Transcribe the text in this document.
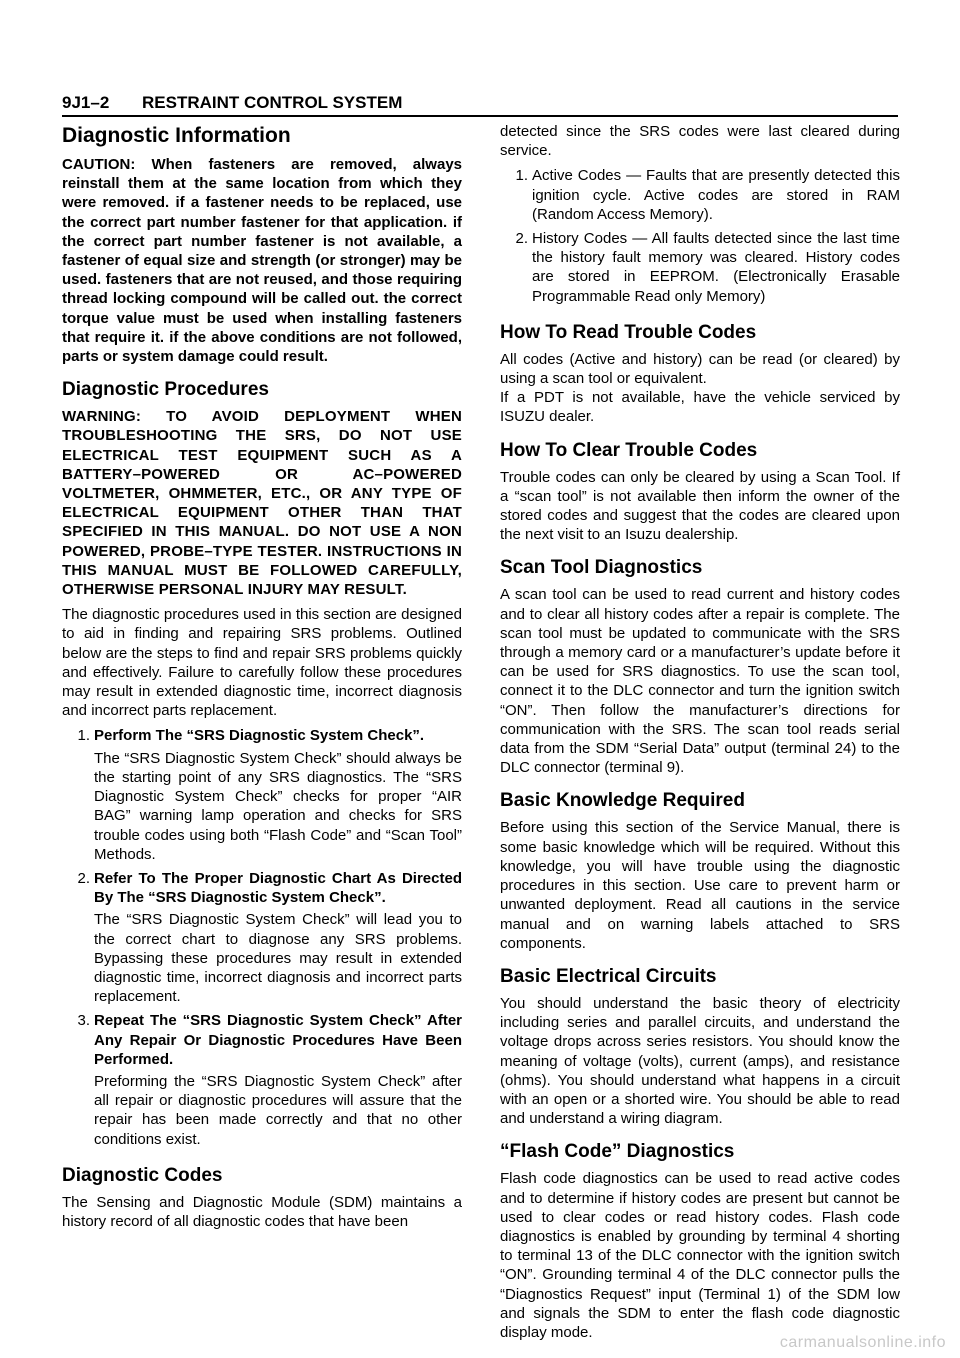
9J1–2 RESTRAINT CONTROL SYSTEM
Diagnostic Information

CAUTION: When fasteners are removed, always reinstall them at the same location from which they were removed. if a fastener needs to be replaced, use the correct part number fastener for that application. if the correct part number fastener is not available, a fastener of equal size and strength (or stronger) may be used. fasteners that are not reused, and those requiring thread locking compound will be called out. the correct torque value must be used when installing fasteners that require it. if the above conditions are not followed, parts or system damage could result.

Diagnostic Procedures

WARNING: TO AVOID DEPLOYMENT WHEN TROUBLESHOOTING THE SRS, DO NOT USE ELECTRICAL TEST EQUIPMENT SUCH AS A BATTERY–POWERED OR AC–POWERED VOLTMETER, OHMMETER, ETC., OR ANY TYPE OF ELECTRICAL EQUIPMENT OTHER THAN THAT SPECIFIED IN THIS MANUAL. DO NOT USE A NON POWERED, PROBE–TYPE TESTER. INSTRUCTIONS IN THIS MANUAL MUST BE FOLLOWED CAREFULLY, OTHERWISE PERSONAL INJURY MAY RESULT.

The diagnostic procedures used in this section are designed to aid in finding and repairing SRS problems. Outlined below are the steps to find and repair SRS problems quickly and effectively. Failure to carefully follow these procedures may result in extended diagnostic time, incorrect diagnosis and incorrect parts replacement.

1. Perform The “SRS Diagnostic System Check”.

The “SRS Diagnostic System Check” should always be the starting point of any SRS diagnostics. The “SRS Diagnostic System Check” checks for proper “AIR BAG” warning lamp operation and checks for SRS trouble codes using both “Flash Code” and “Scan Tool” Methods.

2. Refer To The Proper Diagnostic Chart As Directed By The “SRS Diagnostic System Check”.

The “SRS Diagnostic System Check” will lead you to the correct chart to diagnose any SRS problems. Bypassing these procedures may result in extended diagnostic time, incorrect diagnosis and incorrect parts replacement.

3. Repeat The “SRS Diagnostic System Check” After Any Repair Or Diagnostic Procedures Have Been Performed.

Preforming the “SRS Diagnostic System Check” after all repair or diagnostic procedures will assure that the repair has been made correctly and that no other conditions exist.

Diagnostic Codes

The Sensing and Diagnostic Module (SDM) maintains a history record of all diagnostic codes that have been

detected since the SRS codes were last cleared during service.

1. Active Codes — Faults that are presently detected this ignition cycle. Active codes are stored in RAM (Random Access Memory).

2. History Codes — All faults detected since the last time the history fault memory was cleared. History codes are stored in EEPROM. (Electronically Erasable Programmable Read only Memory)

How To Read Trouble Codes

All codes (Active and history) can be read (or cleared) by using a scan tool or equivalent.

If a PDT is not available, have the vehicle serviced by ISUZU dealer.

How To Clear Trouble Codes

Trouble codes can only be cleared by using a Scan Tool. If a “scan tool” is not available then inform the owner of the stored codes and suggest that the codes are cleared upon the next visit to an Isuzu dealership.

Scan Tool Diagnostics

A scan tool can be used to read current and history codes and to clear all history codes after a repair is complete. The scan tool must be updated to communicate with the SRS through a memory card or a manufacturer’s update before it can be used for SRS diagnostics. To use the scan tool, connect it to the DLC connector and turn the ignition switch “ON”. Then follow the manufacturer’s directions for communication with the SRS. The scan tool reads serial data from the SDM “Serial Data” output (terminal 24) to the DLC connector (terminal 9).

Basic Knowledge Required

Before using this section of the Service Manual, there is some basic knowledge which will be required. Without this knowledge, you will have trouble using the diagnostic procedures in this section. Use care to prevent harm or unwanted deployment. Read all cautions in the service manual and on warning labels attached to SRS components.

Basic Electrical Circuits

You should understand the basic theory of electricity including series and parallel circuits, and understand the voltage drops across series resistors. You should know the meaning of voltage (volts), current (amps), and resistance (ohms). You should understand what happens in a circuit with an open or a shorted wire. You should be able to read and understand a wiring diagram.

“Flash Code” Diagnostics

Flash code diagnostics can be used to read active codes and to determine if history codes are present but cannot be used to clear codes or read history codes. Flash code diagnostics is enabled by grounding by terminal 4 shorting to terminal 13 of the DLC connector with the ignition switch “ON”. Grounding terminal 4 of the DLC connector pulls the “Diagnostics Request” input (Terminal 1) of the SDM low and signals the SDM to enter the flash code diagnostic display mode.

carmanualsonline.info
